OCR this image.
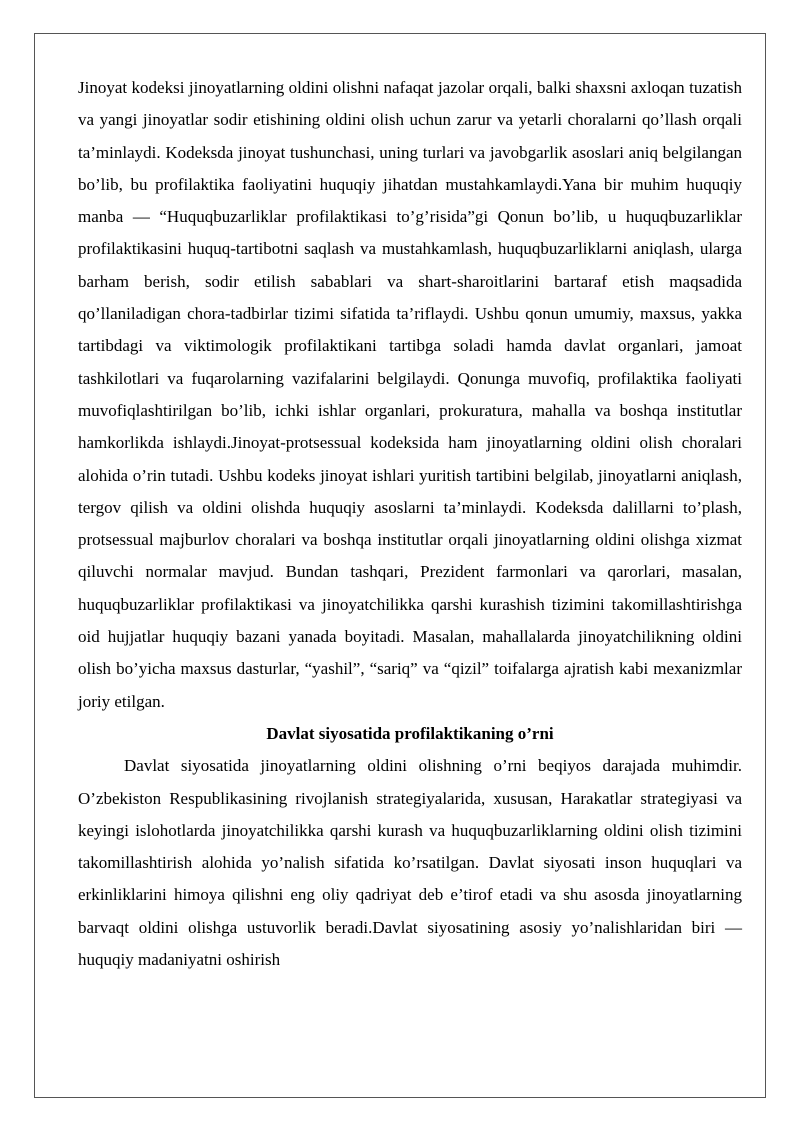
Jinoyat kodeksi jinoyatlarning oldini olishni nafaqat jazolar orqali, balki shaxsni axloqan tuzatish va yangi jinoyatlar sodir etishining oldini olish uchun zarur va yetarli choralarni qo’llash orqali ta’minlaydi. Kodeksda jinoyat tushunchasi, uning turlari va javobgarlik asoslari aniq belgilangan bo’lib, bu profilaktika faoliyatini huquqiy jihatdan mustahkamlaydi.Yana bir muhim huquqiy manba — “Huquqbuzarliklar profilaktikasi to’g’risida”gi Qonun bo’lib, u huquqbuzarliklar profilaktikasini huquq-tartibotni saqlash va mustahkamlash, huquqbuzarliklarni aniqlash, ularga barham berish, sodir etilish sabablari va shart-sharoitlarini bartaraf etish maqsadida qo’llaniladigan chora-tadbirlar tizimi sifatida ta’riflaydi. Ushbu qonun umumiy, maxsus, yakka tartibdagi va viktimologik profilaktikani tartibga soladi hamda davlat organlari, jamoat tashkilotlari va fuqarolarning vazifalarini belgilaydi. Qonunga muvofiq, profilaktika faoliyati muvofiqlashtirilgan bo’lib, ichki ishlar organlari, prokuratura, mahalla va boshqa institutlar hamkorlikda ishlaydi.Jinoyat-protsessual kodeksida ham jinoyatlarning oldini olish choralari alohida o’rin tutadi. Ushbu kodeks jinoyat ishlari yuritish tartibini belgilab, jinoyatlarni aniqlash, tergov qilish va oldini olishda huquqiy asoslarni ta’minlaydi. Kodeksda dalillarni to’plash, protsessual majburlov choralari va boshqa institutlar orqali jinoyatlarning oldini olishga xizmat qiluvchi normalar mavjud. Bundan tashqari, Prezident farmonlari va qarorlari, masalan, huquqbuzarliklar profilaktikasi va jinoyatchilikka qarshi kurashish tizimini takomillashtirishga oid hujjatlar huquqiy bazani yanada boyitadi. Masalan, mahallalarda jinoyatchilikning oldini olish bo’yicha maxsus dasturlar, “yashil”, “sariq” va “qizil” toifalarga ajratish kabi mexanizmlar joriy etilgan.

Davlat siyosatida profilaktikaning o’rni

Davlat siyosatida jinoyatlarning oldini olishning o’rni beqiyos darajada muhimdir. O’zbekiston Respublikasining rivojlanish strategiyalarida, xususan, Harakatlar strategiyasi va keyingi islohotlarda jinoyatchilikka qarshi kurash va huquqbuzarliklarning oldini olish tizimini takomillashtirish alohida yo’nalish sifatida ko’rsatilgan. Davlat siyosati inson huquqlari va erkinliklarini himoya qilishni eng oliy qadriyat deb e’tirof etadi va shu asosda jinoyatlarning barvaqt oldini olishga ustuvorlik beradi.Davlat siyosatining asosiy yo’nalishlaridan biri — huquqiy madaniyatni oshirish
